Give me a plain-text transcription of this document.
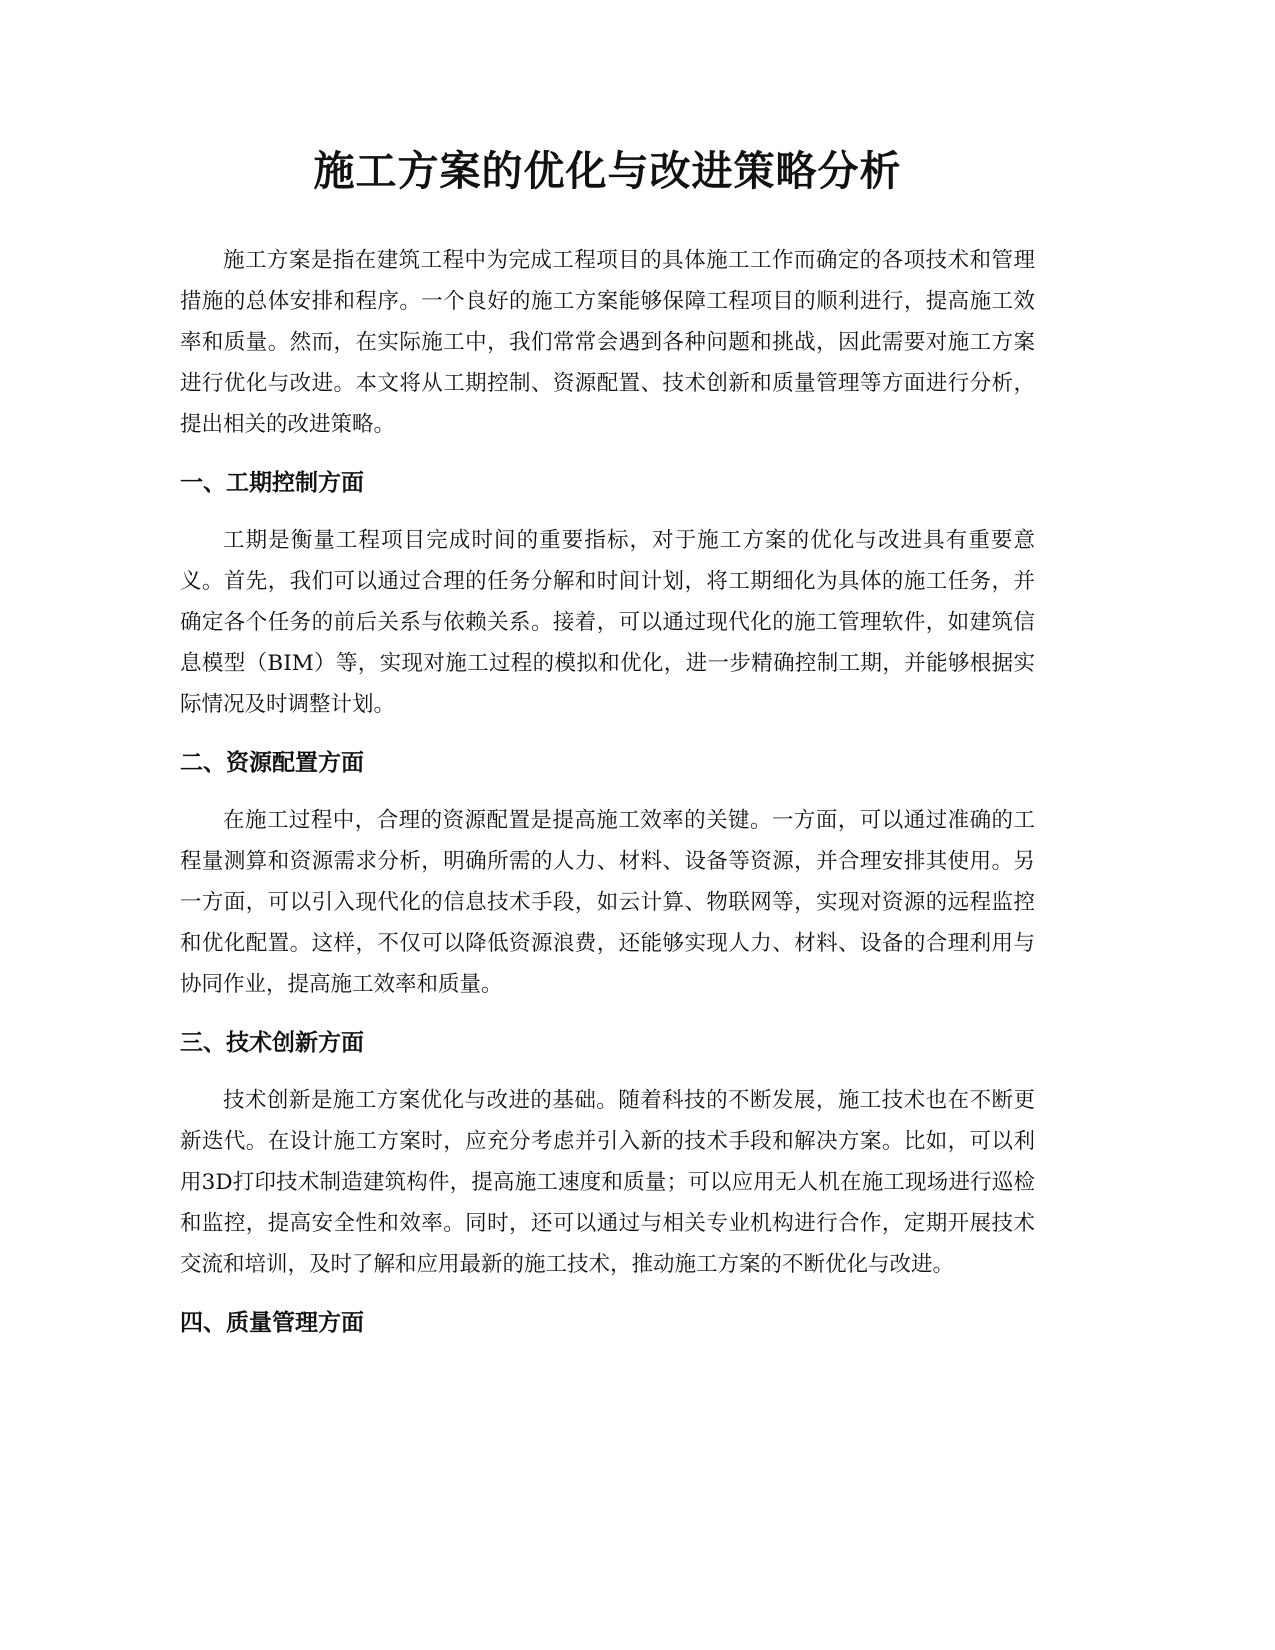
施工方案的优化与改进策略分析

施工方案是指在建筑工程中为完成工程项目的具体施工工作而确定的各项技术和管理措施的总体安排和程序。一个良好的施工方案能够保障工程项目的顺利进行，提高施工效率和质量。然而，在实际施工中，我们常常会遇到各种问题和挑战，因此需要对施工方案进行优化与改进。本文将从工期控制、资源配置、技术创新和质量管理等方面进行分析，提出相关的改进策略。

一、工期控制方面

工期是衡量工程项目完成时间的重要指标，对于施工方案的优化与改进具有重要意义。首先，我们可以通过合理的任务分解和时间计划，将工期细化为具体的施工任务，并确定各个任务的前后关系与依赖关系。接着，可以通过现代化的施工管理软件，如建筑信息模型（BIM）等，实现对施工过程的模拟和优化，进一步精确控制工期，并能够根据实际情况及时调整计划。

二、资源配置方面

在施工过程中，合理的资源配置是提高施工效率的关键。一方面，可以通过准确的工程量测算和资源需求分析，明确所需的人力、材料、设备等资源，并合理安排其使用。另一方面，可以引入现代化的信息技术手段，如云计算、物联网等，实现对资源的远程监控和优化配置。这样，不仅可以降低资源浪费，还能够实现人力、材料、设备的合理利用与协同作业，提高施工效率和质量。

三、技术创新方面

技术创新是施工方案优化与改进的基础。随着科技的不断发展，施工技术也在不断更新迭代。在设计施工方案时，应充分考虑并引入新的技术手段和解决方案。比如，可以利用3D打印技术制造建筑构件，提高施工速度和质量；可以应用无人机在施工现场进行巡检和监控，提高安全性和效率。同时，还可以通过与相关专业机构进行合作，定期开展技术交流和培训，及时了解和应用最新的施工技术，推动施工方案的不断优化与改进。

四、质量管理方面
